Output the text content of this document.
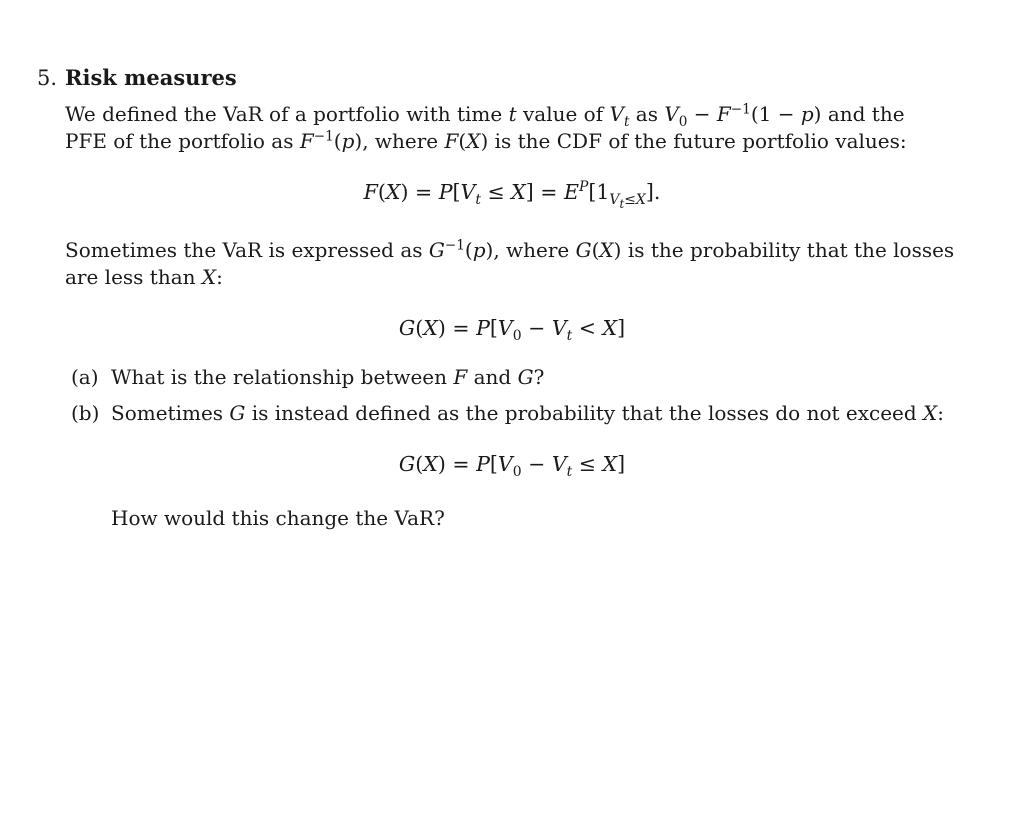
5. Risk measures
We defined the VaR of a portfolio with time t value of $V_t$ as $V_0 - F^{-1}(1 - p)$ and the
PFE of the portfolio as $F^{-1}(p)$, where F(X) is the CDF of the future portfolio values:
$F(X) = P[V_t \le X] = E^P[1_{V_t\le X}]$.
Sometimes the VaR is expressed as $G^{-1}(p)$, where G(X) is the probability that the losses
are less than X:
$G(X) = P[V_0 - V_t < X]$
(a) What is the relationship between F and G?
(b) Sometimes G is instead defined as the probability that the losses do not exceed X:
$G(X) = P[V_0 - V_t \le X]$
How would this change the VaR?
